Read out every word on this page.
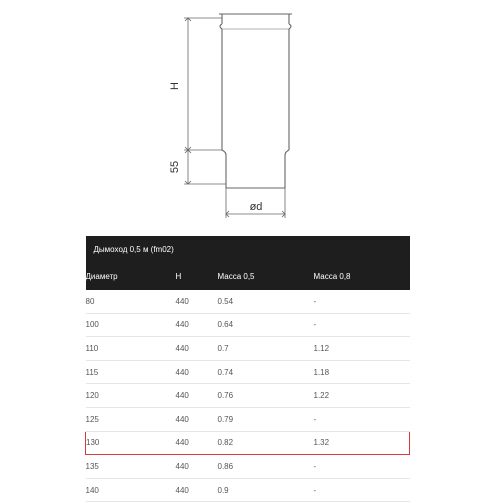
H
55
ød
Дымоход 0,5 м (fm02)			
Диаметр	H	Масса 0,5	Масса 0,8
80	440	0.54	-
100	440	0.64	-
110	440	0.7	1.12
115	440	0.74	1.18
120	440	0.76	1.22
125	440	0.79	-
130	440	0.82	1.32
135	440	0.86	-
140	440	0.9	-
